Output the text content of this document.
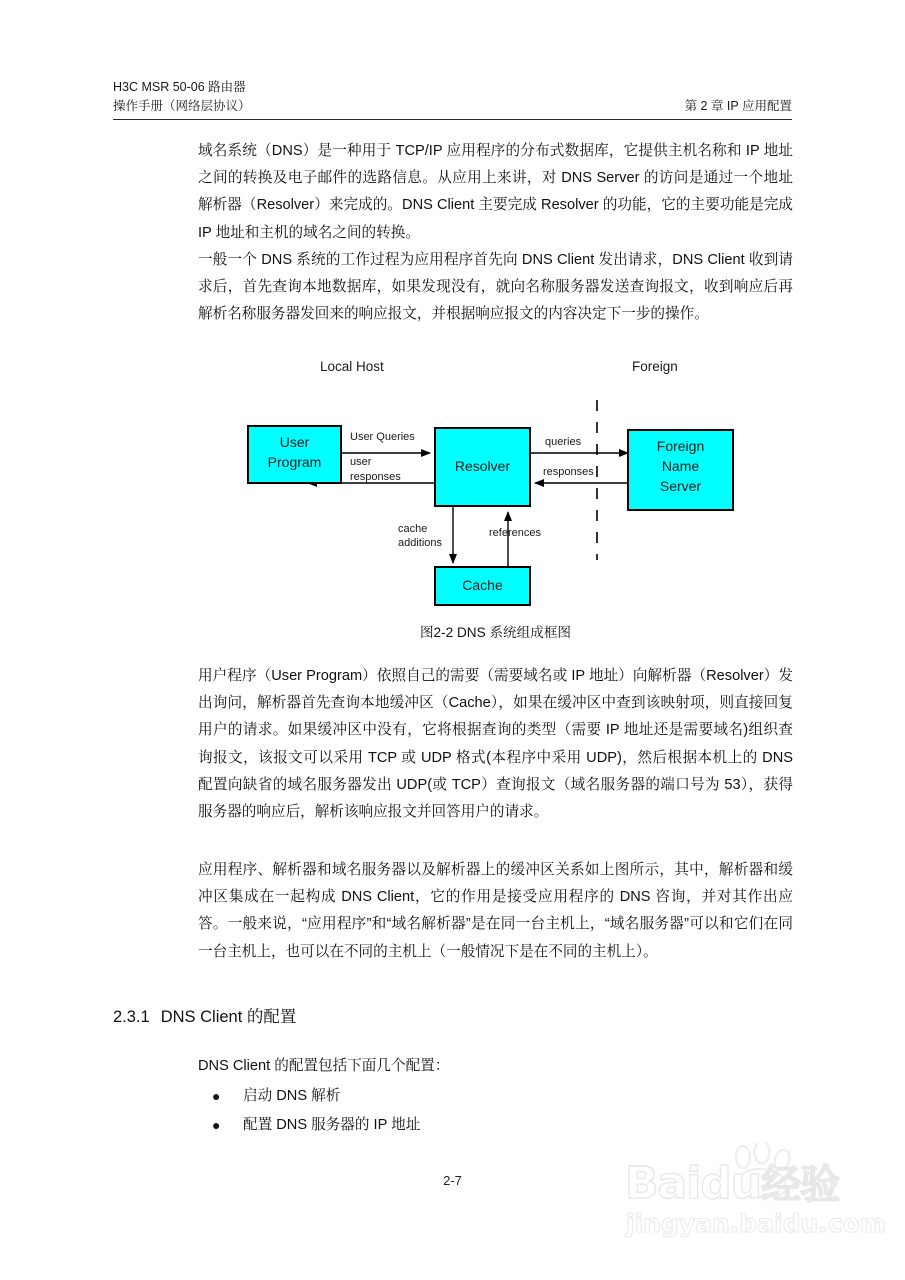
H3C MSR 50-06 路由器
操作手册（网络层协议）	第 2 章 IP 应用配置
域名系统（DNS）是一种用于 TCP/IP 应用程序的分布式数据库，它提供主机名称和 IP 地址之间的转换及电子邮件的选路信息。从应用上来讲，对 DNS Server 的访问是通过一个地址解析器（Resolver）来完成的。DNS Client 主要完成 Resolver 的功能，它的主要功能是完成 IP 地址和主机的域名之间的转换。
一般一个 DNS 系统的工作过程为应用程序首先向 DNS Client 发出请求，DNS Client 收到请求后，首先查询本地数据库，如果发现没有，就向名称服务器发送查询报文，收到响应后再解析名称服务器发回来的响应报文，并根据响应报文的内容决定下一步的操作。
Local Host	Foreign
User
Program	Resolver
Cache
Foreign
Name
Server
User Queries
user
responses
queries
responses
cache
additions
references
图2-2 DNS 系统组成框图
用户程序（User Program）依照自己的需要（需要域名或 IP 地址）向解析器（Resolver）发出询问，解析器首先查询本地缓冲区（Cache），如果在缓冲区中查到该映射项，则直接回复用户的请求。如果缓冲区中没有，它将根据查询的类型（需要 IP 地址还是需要域名)组织查询报文，该报文可以采用 TCP 或 UDP 格式(本程序中采用 UDP)，然后根据本机上的 DNS 配置向缺省的域名服务器发出 UDP(或 TCP）查询报文（域名服务器的端口号为 53），获得服务器的响应后，解析该响应报文并回答用户的请求。
应用程序、解析器和域名服务器以及解析器上的缓冲区关系如上图所示，其中，解析器和缓冲区集成在一起构成 DNS Client，它的作用是接受应用程序的 DNS 咨询，并对其作出应答。一般来说，“应用程序”和“域名解析器”是在同一台主机上，“域名服务器”可以和它们在同一台主机上，也可以在不同的主机上（一般情况下是在不同的主机上）。
2.3.1 DNS Client 的配置
DNS Client 的配置包括下面几个配置：
● 启动 DNS 解析
● 配置 DNS 服务器的 IP 地址
2-7	Baidu经验
jingyan.baidu.com
